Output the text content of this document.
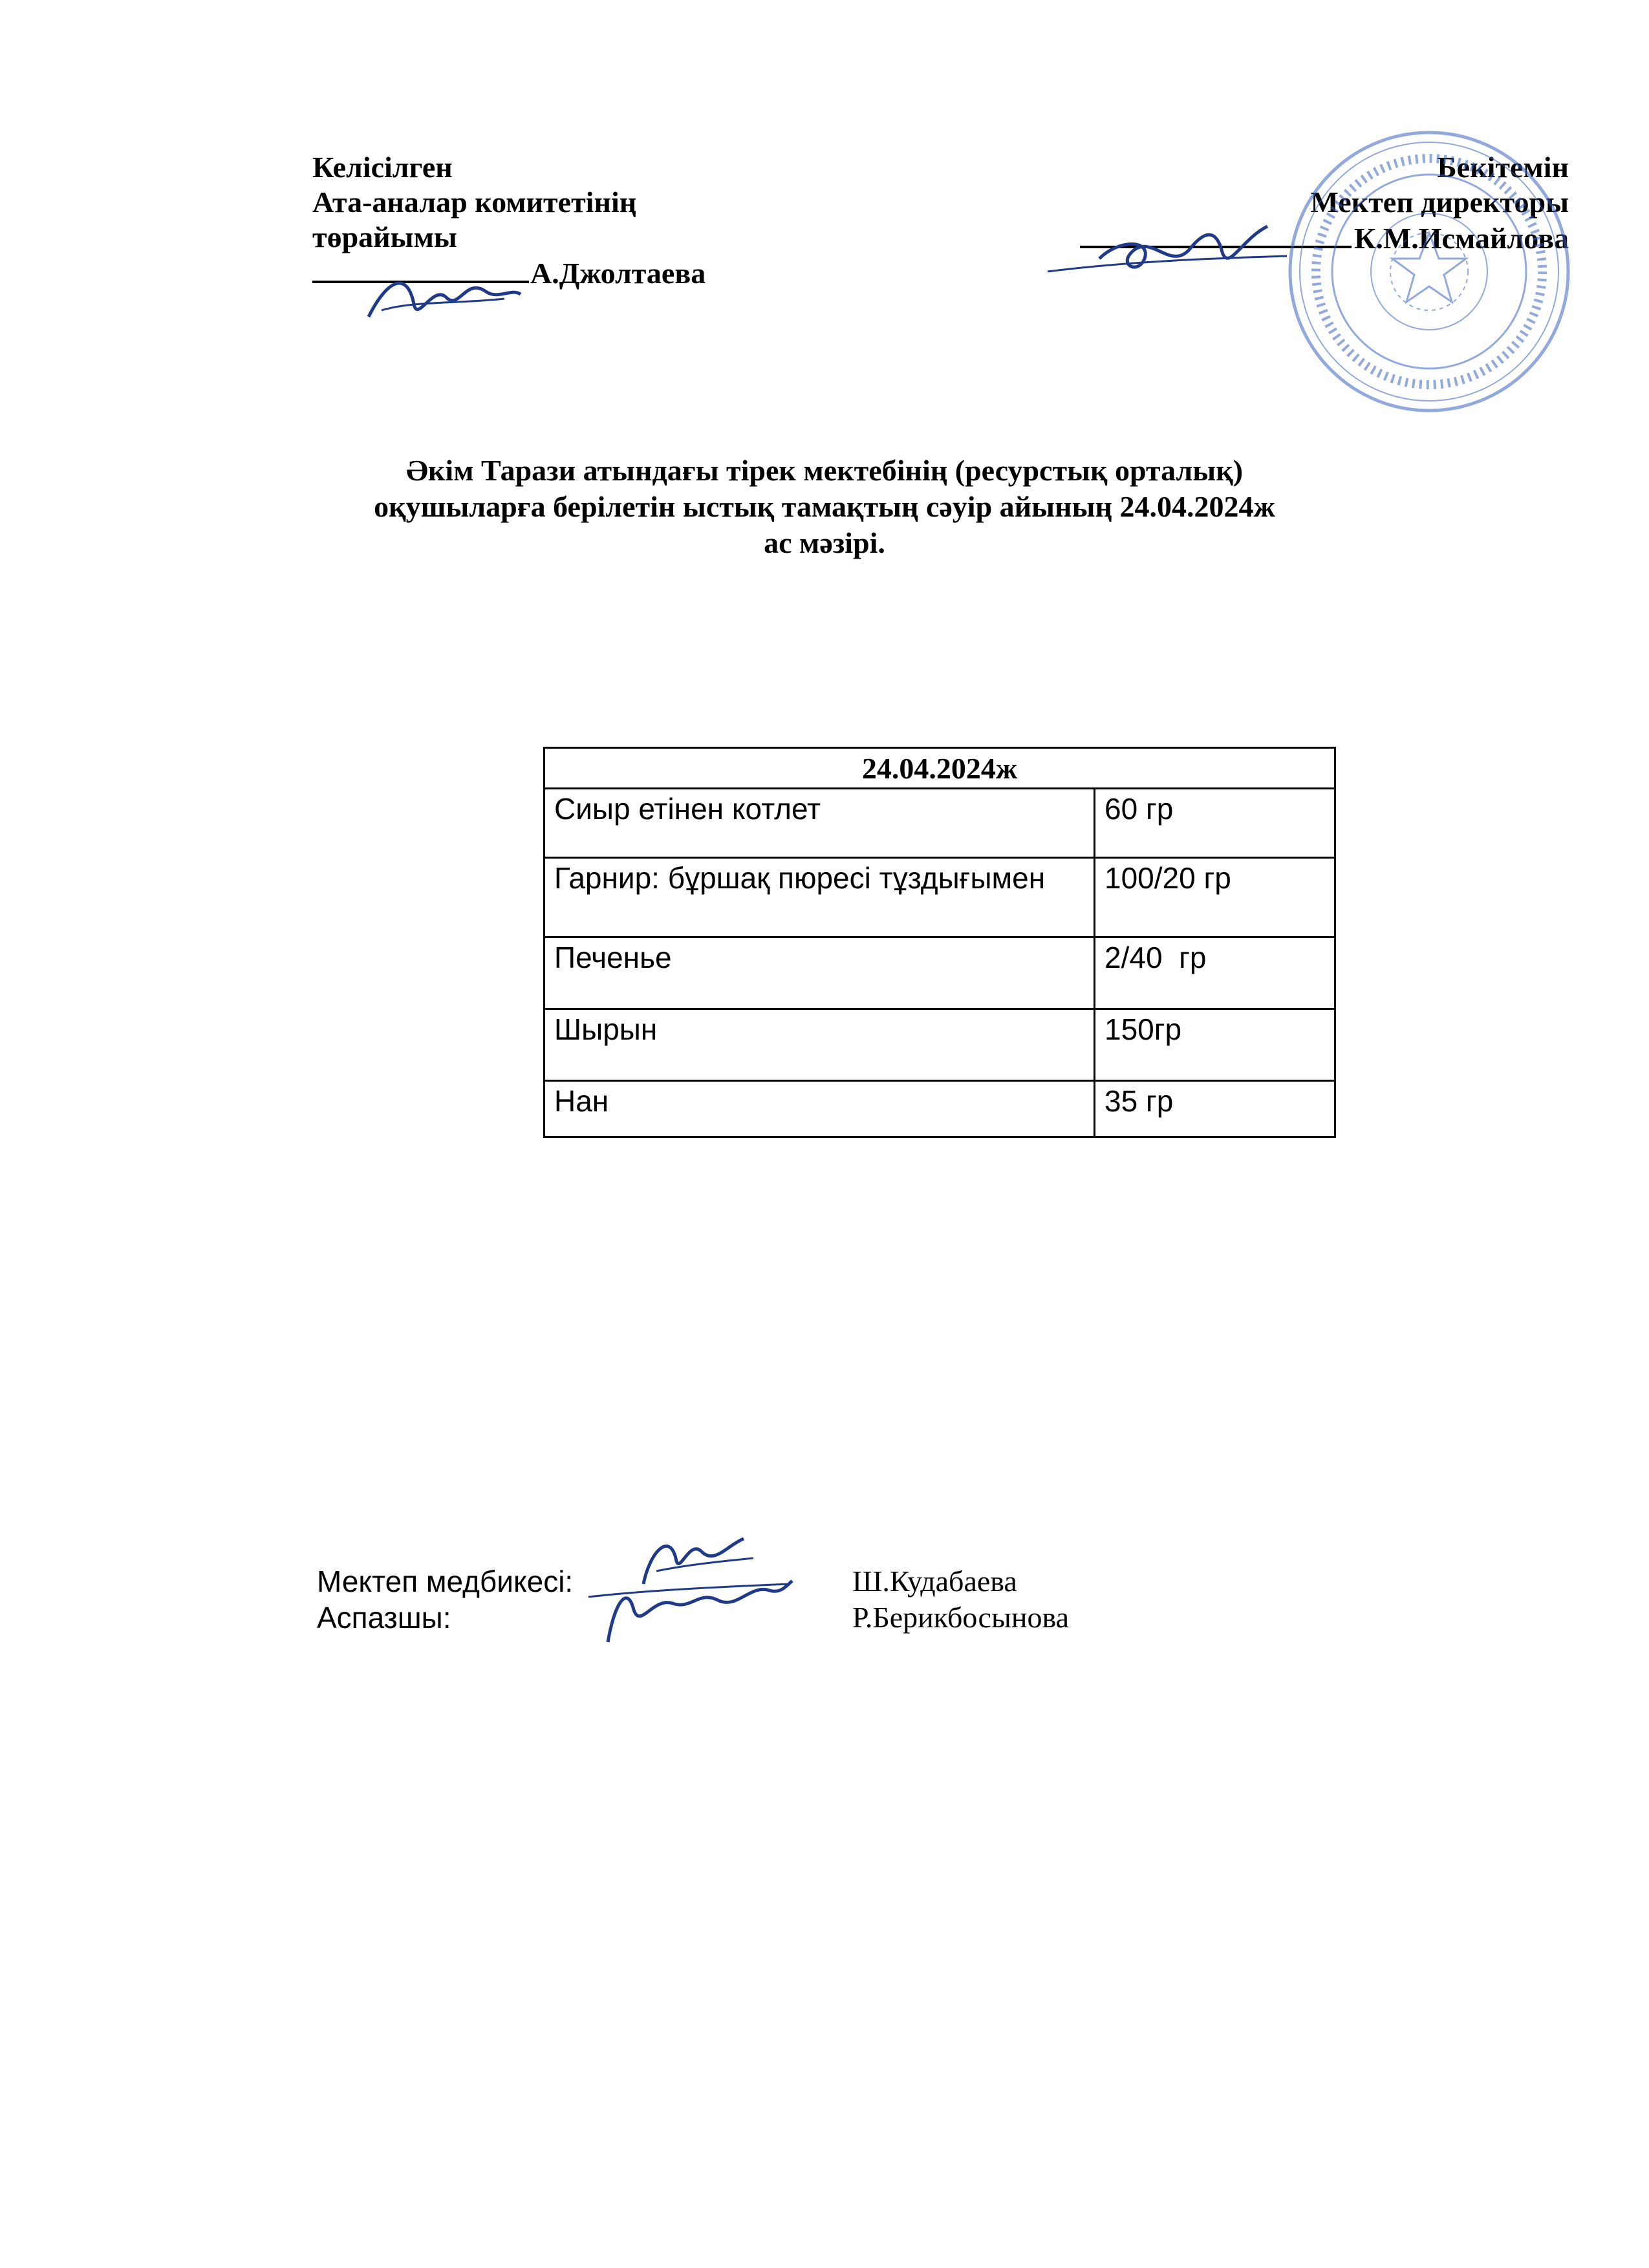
Келісілген
Ата-аналар комитетінің
төрайымы
А.Джолтаева
Бекітемін
Мектеп директоры
К.М.Исмайлова
Әкім Тарази атындағы тірек мектебінің (ресурстық орталық)
оқушыларға берілетін ыстық тамақтың сәуір айының 24.04.2024ж
ас мәзірі.
24.04.2024ж	
Сиыр етінен котлет	60 гр
Гарнир: бұршақ пюресі тұздығымен	100/20 гр
Печенье	2/40  гр
Шырын	150гр
Нан	35 гр
Мектеп медбикесі:	Ш.Кудабаева
Аспазшы:	Р.Берикбосынова
